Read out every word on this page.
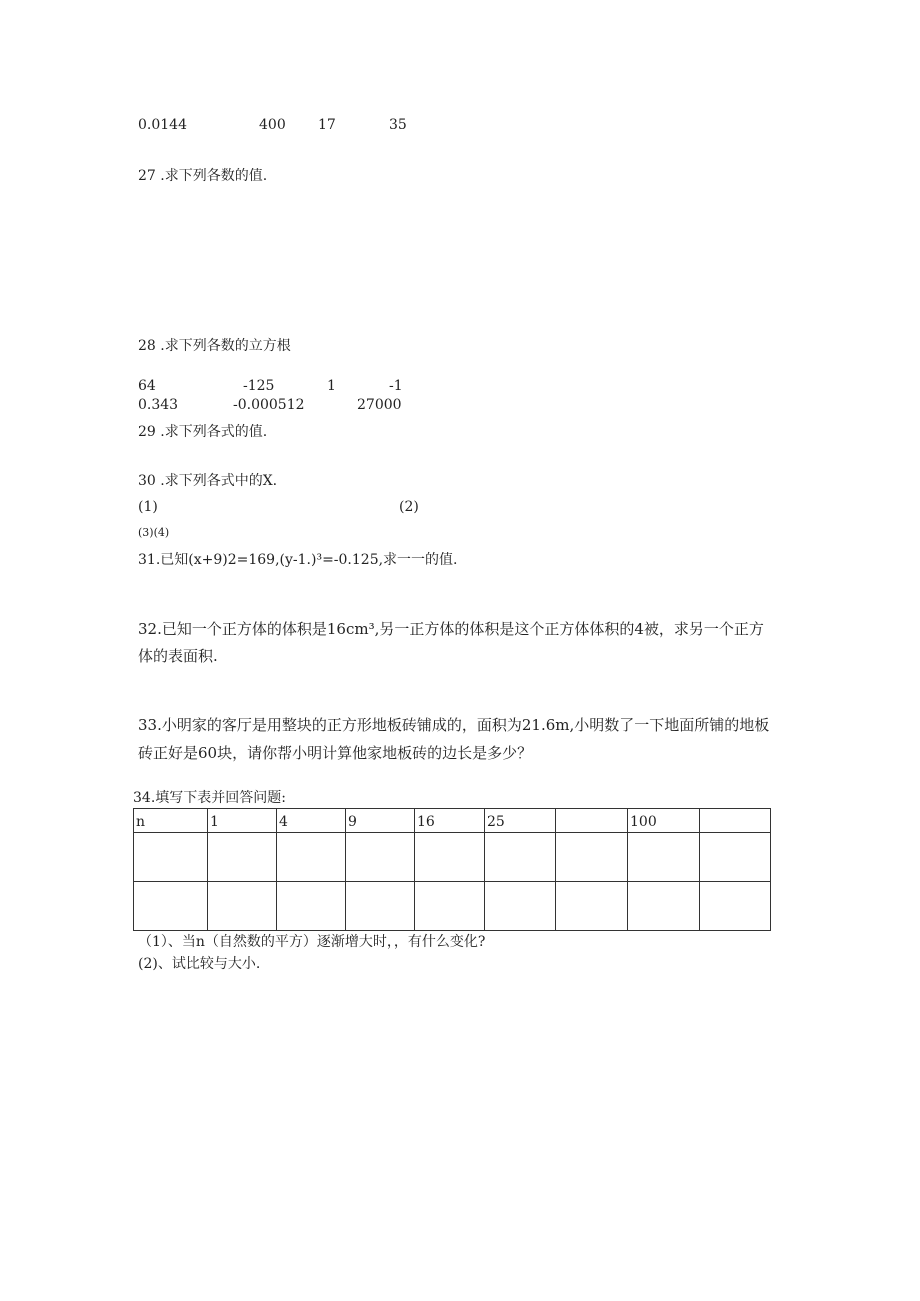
0.0144	400 17	35
27 .求下列各数的值.
28 .求下列各数的立方根
64	-125	1	-1
0.343	-0.000512	27000
29 .求下列各式的值.
30 .求下列各式中的X.
(1)	(2)
(3)(4)
31.已知(x+9)2=169,(y-1.)³=-0.125,求一一的值.
32.已知一个正方体的体积是16cm³,另一正方体的体积是这个正方体体积的4被，求另一个正方
体的表面积.
33.小明家的客厅是用整块的正方形地板砖铺成的，面积为21.6m,小明数了一下地面所铺的地板
砖正好是60块，请你帮小明计算他家地板砖的边长是多少？
34.填写下表并回答问题:
n	1	4	9	16	25		100	

（1）、当n（自然数的平方）逐渐增大时，，有什么变化?
(2)、试比较与大小.
